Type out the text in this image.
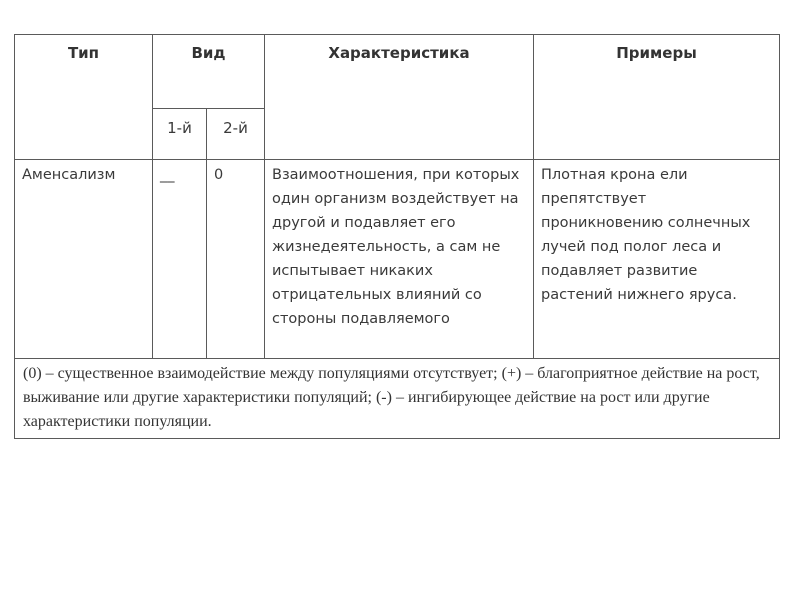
Тип	Вид		Характеристика	Примеры
	1-й	2-й		
Аменсализм	__	0	Взаимоотношения, при которых один организм воздействует на другой и подавляет его жизнедеятельность, а сам не испытывает никаких отрицательных влияний со стороны подавляемого	Плотная крона ели препятствует проникновению солнечных лучей под полог леса и подавляет развитие растений нижнего яруса.
(0) – существенное взаимодействие между популяциями отсутствует; (+) – благоприятное действие на рост, выживание или другие характеристики популяций; (-) – ингибирующее действие на рост или другие характеристики популяции.				
